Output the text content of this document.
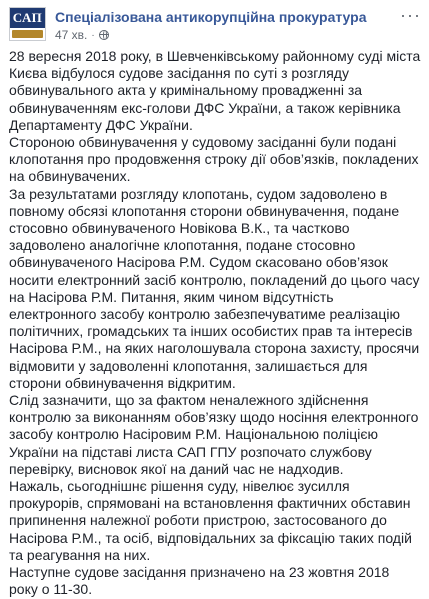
САП Спеціалізована антикорупційна прокуратура
47 хв. ·
···

28 вересня 2018 року, в Шевченківському районному суді міста Києва відбулося судове засідання по суті з розгляду обвинувального акта у кримінальному провадженні за обвинуваченням екс-голови ДФС України, а також керівника Департаменту ДФС України.

Стороною обвинувачення у судовому засіданні були подані клопотання про продовження строку дії обов’язків, покладених на обвинувачених.

За результатами розгляду клопотань, судом задоволено в повному обсязі клопотання сторони обвинувачення, подане стосовно обвинуваченого Новікова В.К., та частково задоволено аналогічне клопотання, подане стосовно обвинуваченого Насірова Р.М. Судом скасовано обов’язок носити електронний засіб контролю, покладений до цього часу на Насірова Р.М. Питання, яким чином відсутність електронного засобу контролю забезпечуватиме реалізацію політичних, громадських та інших особистих прав та інтересів Насірова Р.М., на яких наголошувала сторона захисту, просячи відмовити у задоволенні клопотання, залишається для сторони обвинувачення відкритим.

Слід зазначити, що за фактом неналежного здійснення контролю за виконанням обов’язку щодо носіння електронного засобу контролю Насіровим Р.М. Національною поліцією України на підставі листа САП ГПУ розпочато службову перевірку, висновок якої на даний час не надходив.

Нажаль, сьогоднішнє рішення суду, нівелює зусилля прокурорів, спрямовані на встановлення фактичних обставин припинення належної роботи пристрою, застосованого до Насірова Р.М., та осіб, відповідальних за фіксацію таких подій та реагування на них.

Наступне судове засідання призначено на 23 жовтня 2018 року о 11-30.
